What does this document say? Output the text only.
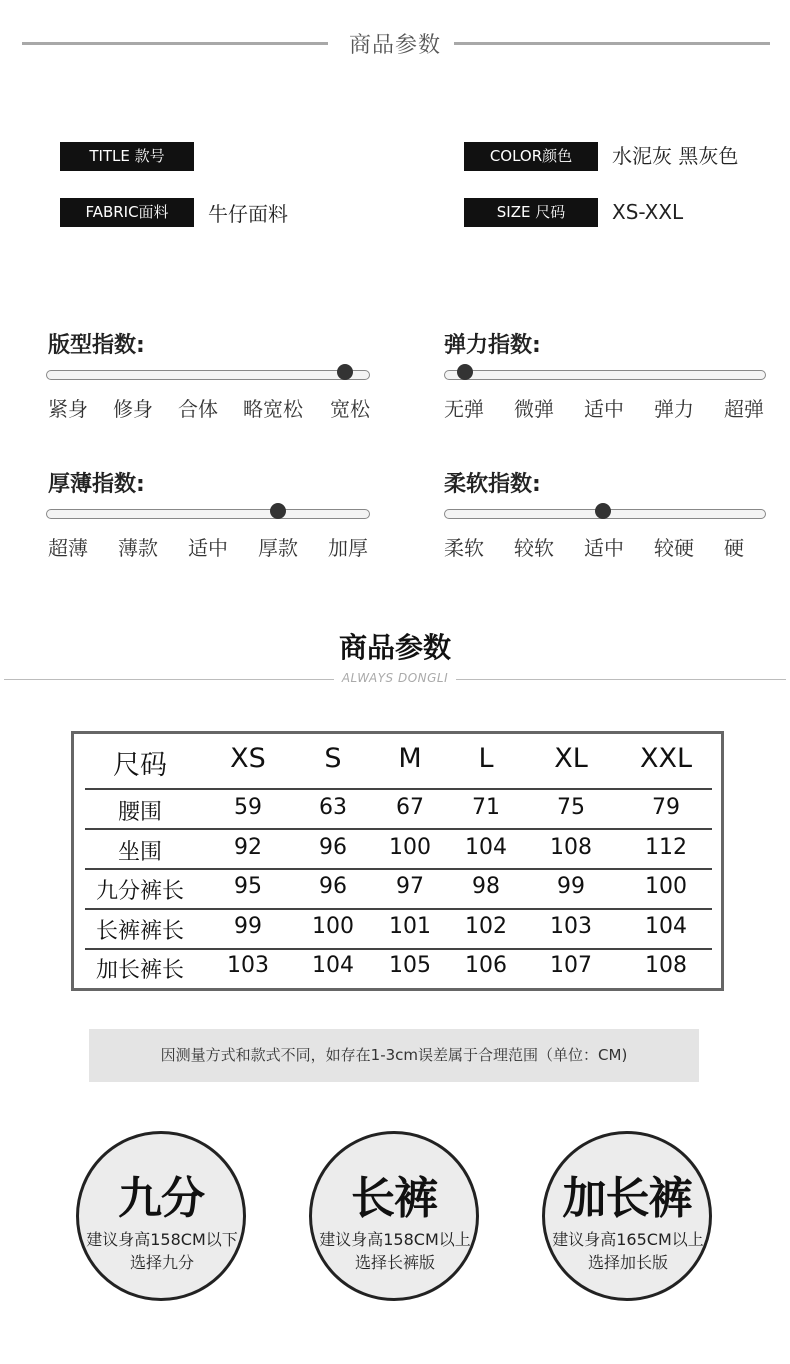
商品参数
TITLE 款号	COLOR颜色	水泥灰 黑灰色
FABRIC面料	牛仔面料	SIZE 尺码	XS-XXL
版型指数:
紧身 修身 合体 略宽松 宽松
弹力指数:
无弹 微弹 适中 弹力 超弹
厚薄指数:
超薄 薄款 适中 厚款 加厚
柔软指数:
柔软 较软 适中 较硬 硬
商品参数
ALWAYS DONGLI
尺码	XS	S	M	L	XL	XXL
腰围	59	63	67	71	75	79
坐围	92	96	100	104	108	112
九分裤长	95	96	97	98	99	100
长裤裤长	99	100	101	102	103	104
加长裤长	103	104	105	106	107	108
因测量方式和款式不同，如存在1-3cm误差属于合理范围（单位：CM)
九分
建议身高158CM以下
选择九分
长裤
建议身高158CM以上
选择长裤版
加长裤
建议身高165CM以上
选择加长版
